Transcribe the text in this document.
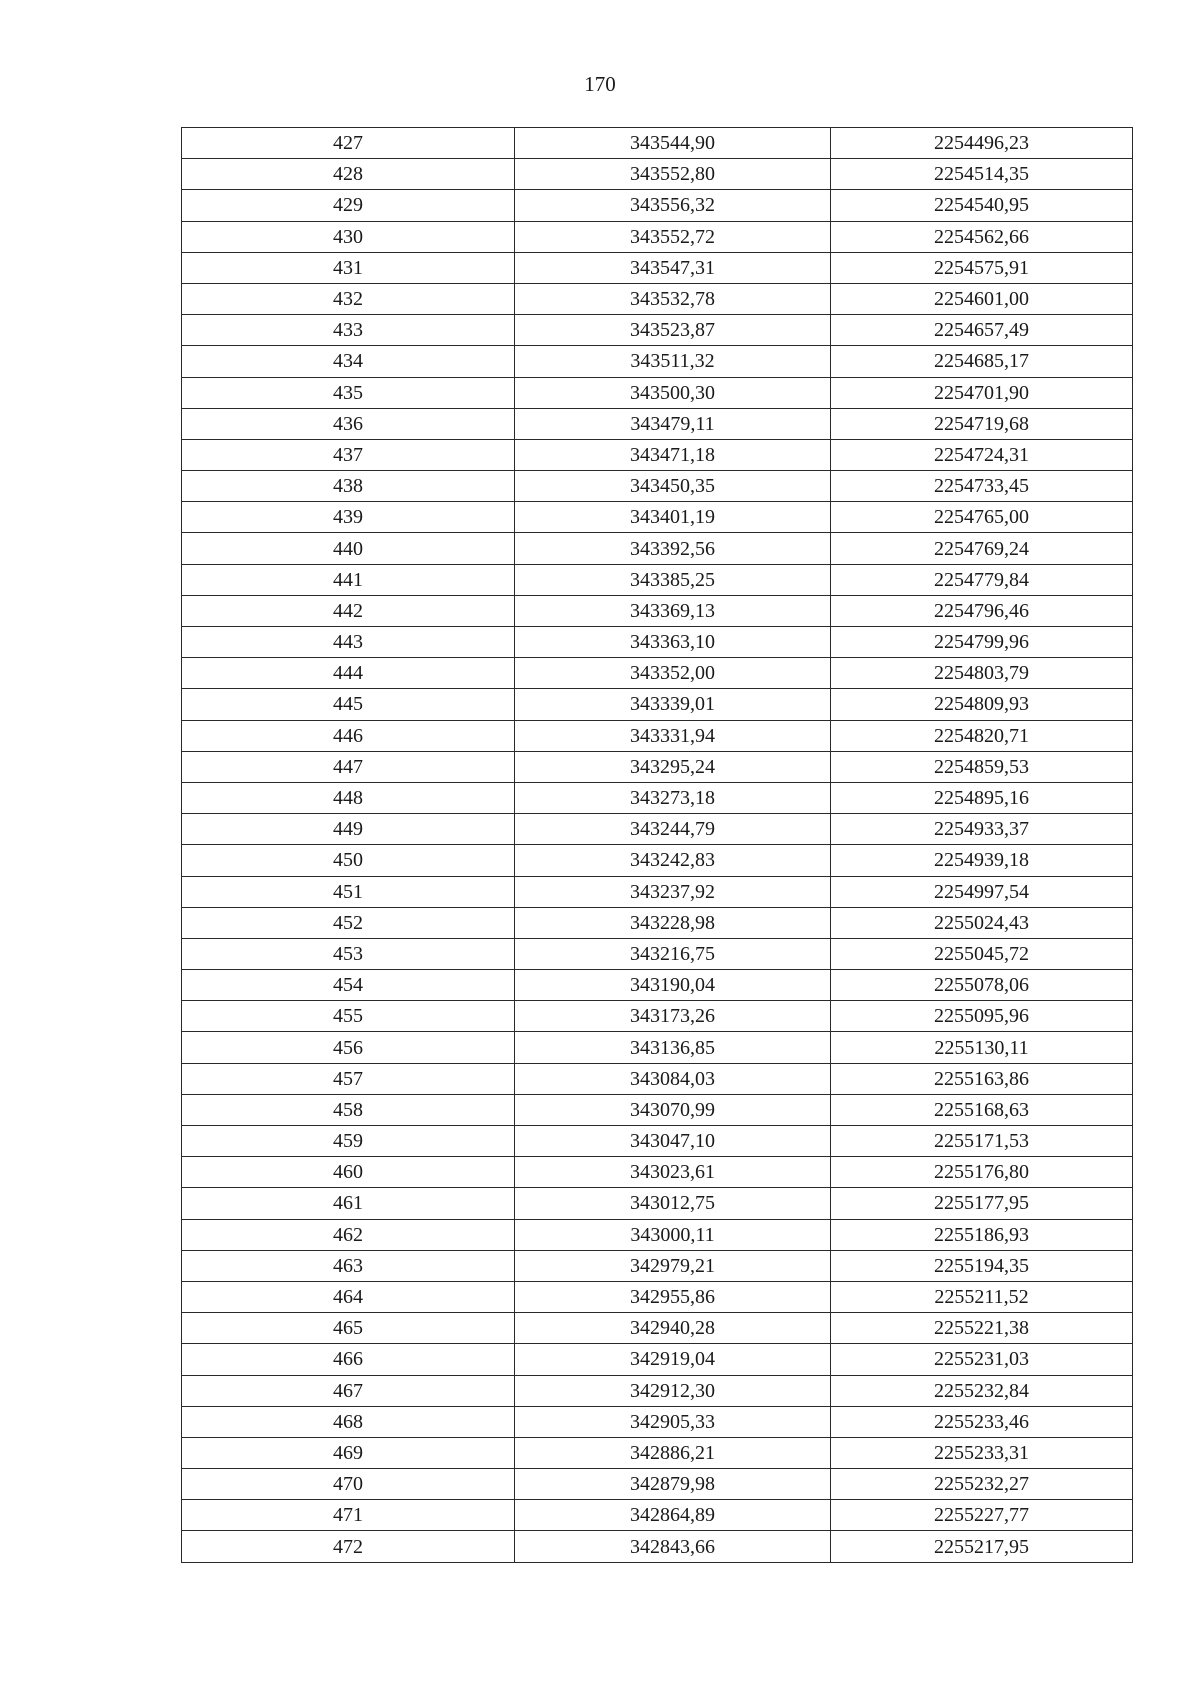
170
427	343544,90	2254496,23
428	343552,80	2254514,35
429	343556,32	2254540,95
430	343552,72	2254562,66
431	343547,31	2254575,91
432	343532,78	2254601,00
433	343523,87	2254657,49
434	343511,32	2254685,17
435	343500,30	2254701,90
436	343479,11	2254719,68
437	343471,18	2254724,31
438	343450,35	2254733,45
439	343401,19	2254765,00
440	343392,56	2254769,24
441	343385,25	2254779,84
442	343369,13	2254796,46
443	343363,10	2254799,96
444	343352,00	2254803,79
445	343339,01	2254809,93
446	343331,94	2254820,71
447	343295,24	2254859,53
448	343273,18	2254895,16
449	343244,79	2254933,37
450	343242,83	2254939,18
451	343237,92	2254997,54
452	343228,98	2255024,43
453	343216,75	2255045,72
454	343190,04	2255078,06
455	343173,26	2255095,96
456	343136,85	2255130,11
457	343084,03	2255163,86
458	343070,99	2255168,63
459	343047,10	2255171,53
460	343023,61	2255176,80
461	343012,75	2255177,95
462	343000,11	2255186,93
463	342979,21	2255194,35
464	342955,86	2255211,52
465	342940,28	2255221,38
466	342919,04	2255231,03
467	342912,30	2255232,84
468	342905,33	2255233,46
469	342886,21	2255233,31
470	342879,98	2255232,27
471	342864,89	2255227,77
472	342843,66	2255217,95
